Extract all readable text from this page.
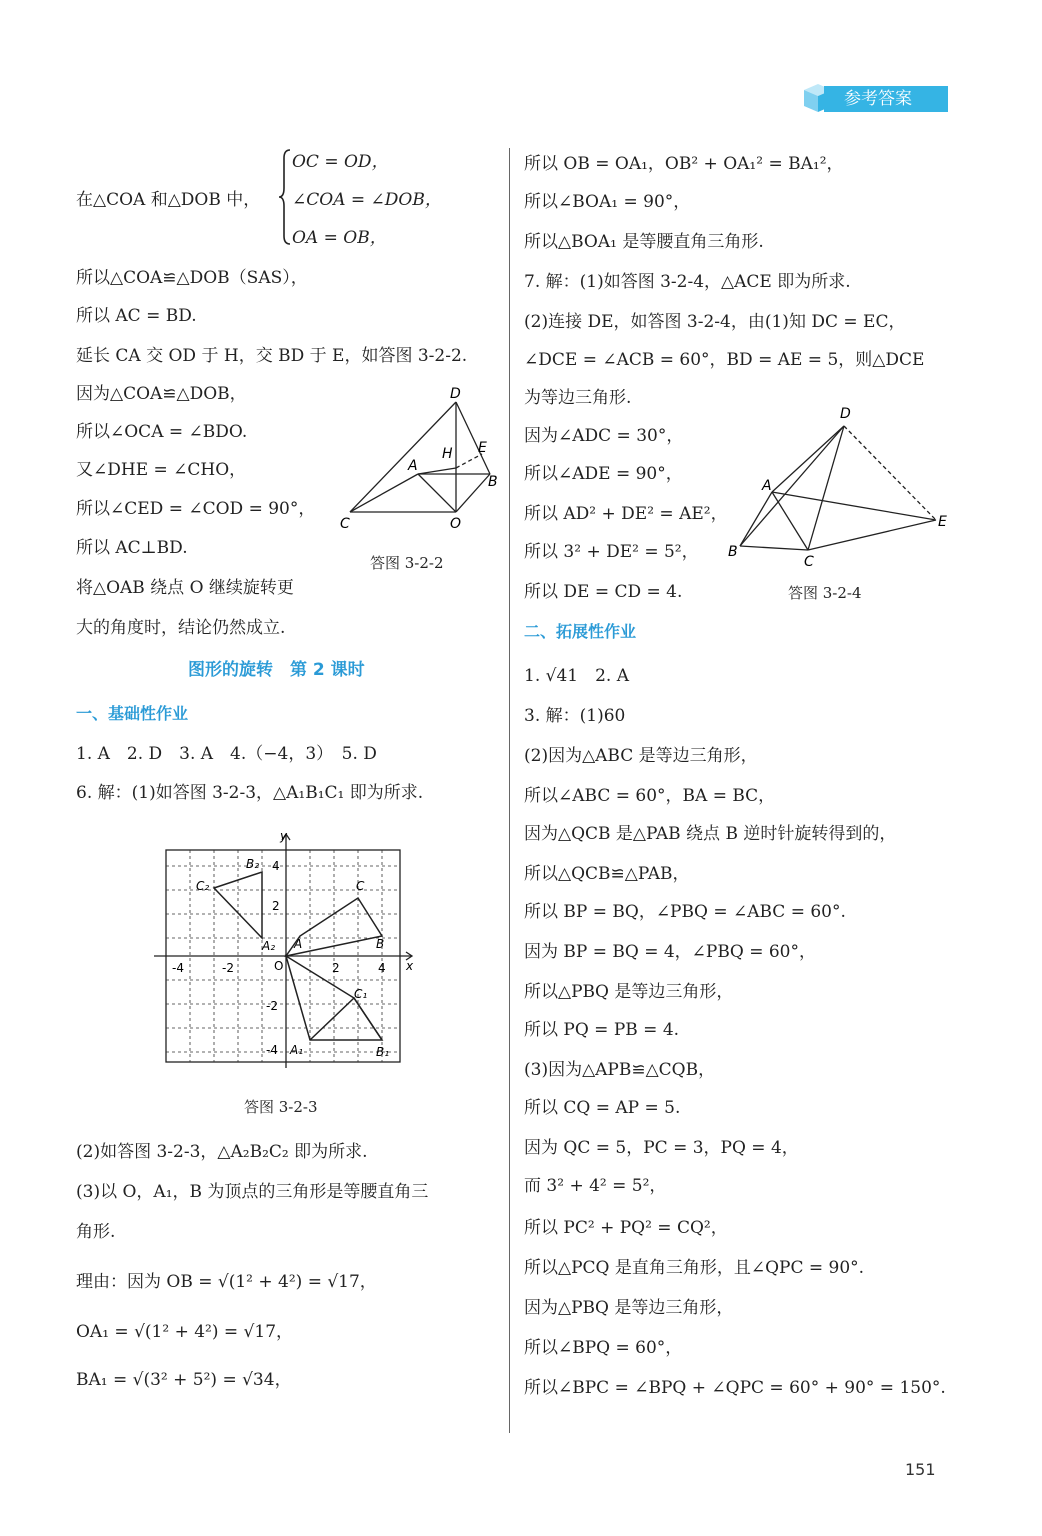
参考答案
OC = OD，
在△COA 和△DOB 中， ∠COA = ∠DOB，
OA = OB，
所以△COA≌△DOB（SAS），
所以 AC = BD.
延长 CA 交 OD 于 H，交 BD 于 E，如答图 3-2-2.
因为△COA≌△DOB，
所以∠OCA = ∠BDO.
又∠DHE = ∠CHO，
所以∠CED = ∠COD = 90°，
所以 AC⊥BD.
将△OAB 绕点 O 继续旋转更
大的角度时，结论仍然成立.
D
E
H
A
B
C	O
答图 3-2-2
图形的旋转　第 2 课时
一、基础性作业
1. A　2. D　3. A　4.（−4，3）　5. D
6. 解：(1)如答图 3-2-3，△A₁B₁C₁ 即为所求.
y
x
O
-4	-2	2	4
4
2
-2
-4
B₂
C₂
A₂ A	B
C
C₁
A₁	B₁
答图 3-2-3
(2)如答图 3-2-3，△A₂B₂C₂ 即为所求.
(3)以 O，A₁，B 为顶点的三角形是等腰直角三
角形.
理由：因为 OB = √(1² + 4²) = √17，
OA₁ = √(1² + 4²) = √17，
BA₁ = √(3² + 5²) = √34，
所以 OB = OA₁，OB² + OA₁² = BA₁²，
所以∠BOA₁ = 90°，
所以△BOA₁ 是等腰直角三角形.
7. 解：(1)如答图 3-2-4，△ACE 即为所求.
(2)连接 DE，如答图 3-2-4，由(1)知 DC = EC，
∠DCE = ∠ACB = 60°，BD = AE = 5，则△DCE
为等边三角形.
因为∠ADC = 30°，
所以∠ADE = 90°，
所以 AD² + DE² = AE²，
所以 3² + DE² = 5²，
所以 DE = CD = 4.
D
A
E
B
C
答图 3-2-4
二、拓展性作业
1. √41　2. A
3. 解：(1)60
(2)因为△ABC 是等边三角形，
所以∠ABC = 60°，BA = BC，
因为△QCB 是△PAB 绕点 B 逆时针旋转得到的，
所以△QCB≌△PAB，
所以 BP = BQ，∠PBQ = ∠ABC = 60°.
因为 BP = BQ = 4，∠PBQ = 60°，
所以△PBQ 是等边三角形，
所以 PQ = PB = 4.
(3)因为△APB≌△CQB，
所以 CQ = AP = 5.
因为 QC = 5，PC = 3，PQ = 4，
而 3² + 4² = 5²，
所以 PC² + PQ² = CQ²，
所以△PCQ 是直角三角形，且∠QPC = 90°.
因为△PBQ 是等边三角形，
所以∠BPQ = 60°，
所以∠BPC = ∠BPQ + ∠QPC = 60° + 90° = 150°.
151
